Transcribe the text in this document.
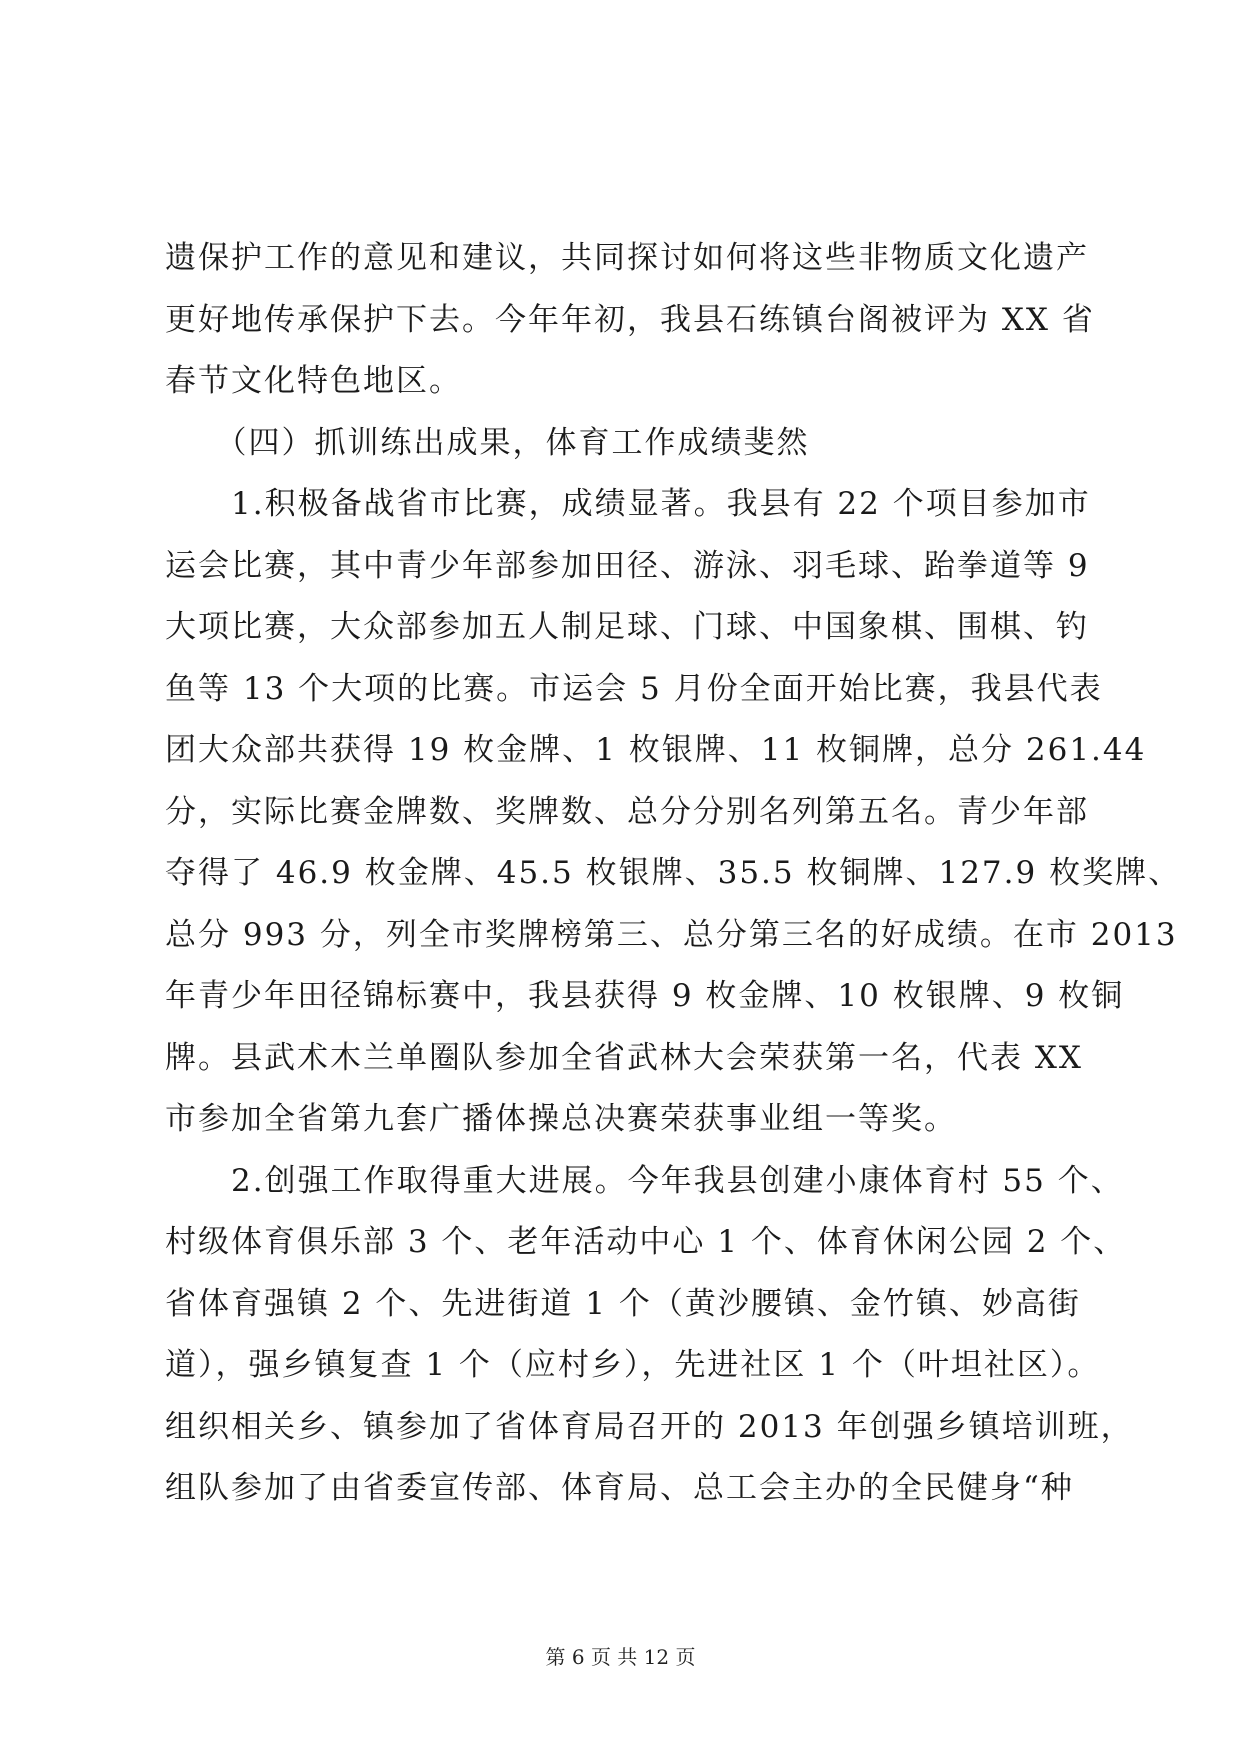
遗保护工作的意见和建议，共同探讨如何将这些非物质文化遗产
更好地传承保护下去。今年年初，我县石练镇台阁被评为 XX 省
春节文化特色地区。
　　（四）抓训练出成果，体育工作成绩斐然
　　1.积极备战省市比赛，成绩显著。我县有 22 个项目参加市
运会比赛，其中青少年部参加田径、游泳、羽毛球、跆拳道等 9
大项比赛，大众部参加五人制足球、门球、中国象棋、围棋、钓
鱼等 13 个大项的比赛。市运会 5 月份全面开始比赛，我县代表
团大众部共获得 19 枚金牌、1 枚银牌、11 枚铜牌，总分 261.44
分，实际比赛金牌数、奖牌数、总分分别名列第五名。青少年部
夺得了 46.9 枚金牌、45.5 枚银牌、35.5 枚铜牌、127.9 枚奖牌、
总分 993 分，列全市奖牌榜第三、总分第三名的好成绩。在市 2013
年青少年田径锦标赛中，我县获得 9 枚金牌、10 枚银牌、9 枚铜
牌。县武术木兰单圈队参加全省武林大会荣获第一名，代表 XX
市参加全省第九套广播体操总决赛荣获事业组一等奖。
　　2.创强工作取得重大进展。今年我县创建小康体育村 55 个、
村级体育俱乐部 3 个、老年活动中心 1 个、体育休闲公园 2 个、
省体育强镇 2 个、先进街道 1 个（黄沙腰镇、金竹镇、妙高街
道），强乡镇复查 1 个（应村乡），先进社区 1 个（叶坦社区）。
组织相关乡、镇参加了省体育局召开的 2013 年创强乡镇培训班，
组队参加了由省委宣传部、体育局、总工会主办的全民健身“种
第 6 页 共 12 页
